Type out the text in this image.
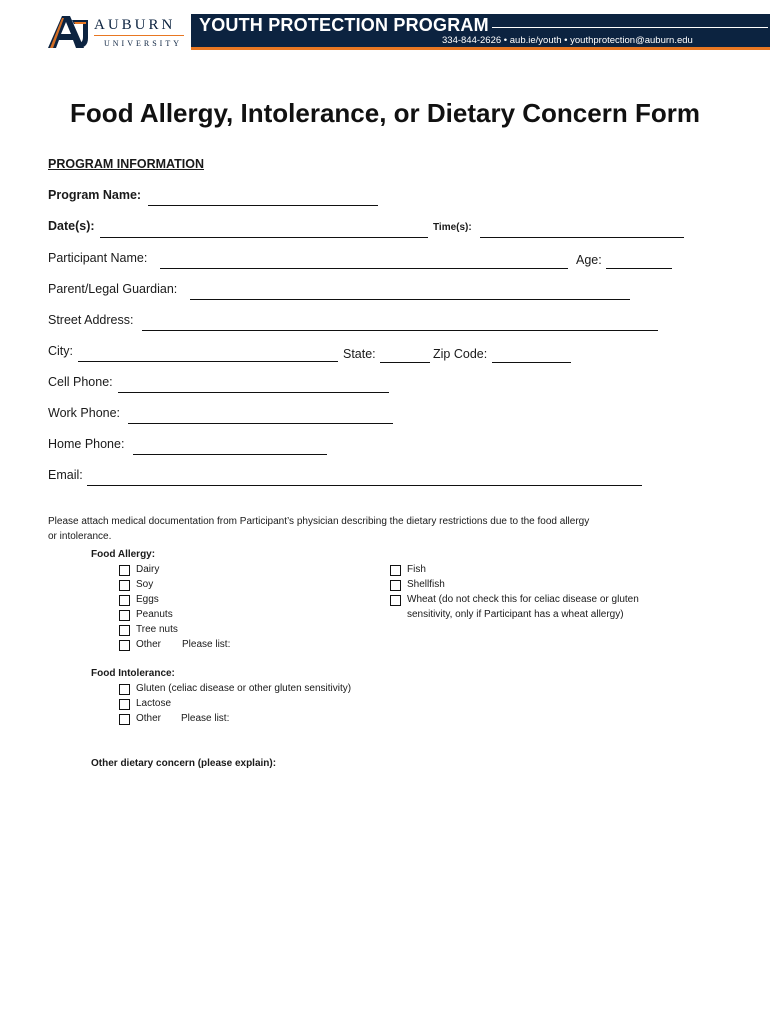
AUBURN
UNIVERSITY
YOUTH PROTECTION PROGRAM
334-844-2626 • aub.ie/youth • youthprotection@auburn.edu
Food Allergy, Intolerance, or Dietary Concern Form
PROGRAM INFORMATION
Program Name:
Date(s):	Time(s):
Participant Name:	Age:
Parent/Legal Guardian:
Street Address:
City:	State:	Zip Code:
Cell Phone:
Work Phone:
Home Phone:
Email:
Please attach medical documentation from Participant’s physician describing the dietary restrictions due to the food allergy
or intolerance.
Food Allergy:
Dairy
Soy
Eggs
Peanuts
Tree nuts
Other Please list:
Fish
Shellfish
Wheat (do not check this for celiac disease or gluten
sensitivity, only if Participant has a wheat allergy)
Food Intolerance:
Gluten (celiac disease or other gluten sensitivity)
Lactose
Other Please list:
Other dietary concern (please explain):
